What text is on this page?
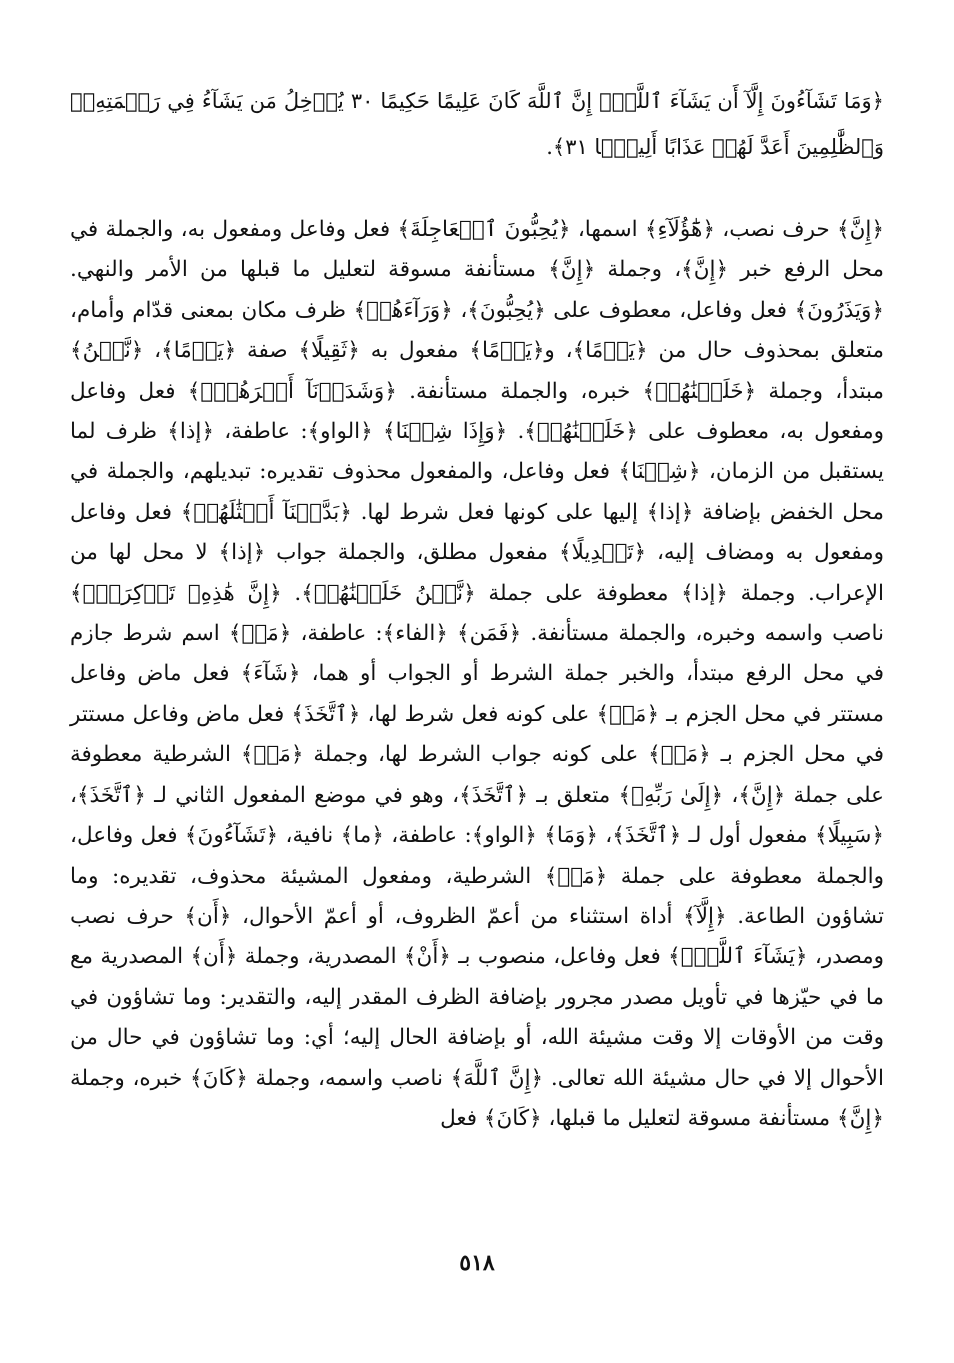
﴿وَمَا تَشَآءُونَ إِلَّآ أَن يَشَآءَ ٱللَّهُۚ إِنَّ ٱللَّهَ كَانَ عَلِيمًا حَكِيمًا ٣٠ يُدۡخِلُ مَن يَشَآءُ فِي رَحۡمَتِهِۦۚ وَٱلظَّٰلِمِينَ أَعَدَّ لَهُمۡ عَذَابًا أَلِيمَۢا ٣١﴾.
﴿إِنَّ﴾ حرف نصب، ﴿هَٰٓؤُلَآءِ﴾ اسمها، ﴿يُحِبُّونَ ٱلۡعَاجِلَةَ﴾ فعل وفاعل ومفعول به، والجملة في محل الرفع خبر ﴿إِنَّ﴾، وجملة ﴿إِنَّ﴾ مستأنفة مسوقة لتعليل ما قبلها من الأمر والنهي. ﴿وَيَذَرُونَ﴾ فعل وفاعل، معطوف على ﴿يُحِبُّونَ﴾، ﴿وَرَآءَهُمۡ﴾ ظرف مكان بمعنى قدّام وأمام، متعلق بمحذوف حال من ﴿يَوۡمًا﴾، و﴿يَوۡمًا﴾ مفعول به ﴿ثَقِيلًا﴾ صفة ﴿يَوۡمًا﴾، ﴿نَّحۡنُ﴾ مبتدأ، وجملة ﴿خَلَقۡنَٰهُمۡ﴾ خبره، والجملة مستأنفة. ﴿وَشَدَدۡنَآ أَسۡرَهُمۡۖ﴾ فعل وفاعل ومفعول به، معطوف على ﴿خَلَقۡنَٰهُمۡ﴾. ﴿وَإِذَا شِئۡنَا﴾ ﴿الواو﴾: عاطفة، ﴿إذا﴾ ظرف لما يستقبل من الزمان، ﴿شِئۡنَا﴾ فعل وفاعل، والمفعول محذوف تقديره: تبديلهم، والجملة في محل الخفض بإضافة ﴿إذا﴾ إليها على كونها فعل شرط لها. ﴿بَدَّلۡنَآ أَمۡثَٰلَهُمۡ﴾ فعل وفاعل ومفعول به ومضاف إليه، ﴿تَبۡدِيلًا﴾ مفعول مطلق، والجملة جواب ﴿إذا﴾ لا محل لها من الإعراب. وجملة ﴿إذا﴾ معطوفة على جملة ﴿نَّحۡنُ خَلَقۡنَٰهُمۡ﴾. ﴿إِنَّ هَٰذِهِۦ تَذۡكِرَةٞۖ﴾ ناصب واسمه وخبره، والجملة مستأنفة. ﴿فَمَن﴾ ﴿الفاء﴾: عاطفة، ﴿مَنۡ﴾ اسم شرط جازم في محل الرفع مبتدأ، والخبر جملة الشرط أو الجواب أو هما، ﴿شَآءَ﴾ فعل ماض وفاعل مستتر في محل الجزم بـ ﴿مَنۡ﴾ على كونه فعل شرط لها، ﴿ٱتَّخَذَ﴾ فعل ماض وفاعل مستتر في محل الجزم بـ ﴿مَنۡ﴾ على كونه جواب الشرط لها، وجملة ﴿مَنۡ﴾ الشرطية معطوفة على جملة ﴿إِنَّ﴾، ﴿إِلَىٰ رَبِّهِۦ﴾ متعلق بـ ﴿ٱتَّخَذَ﴾، وهو في موضع المفعول الثاني لـ ﴿ٱتَّخَذَ﴾، ﴿سَبِيلًا﴾ مفعول أول لـ ﴿ٱتَّخَذَ﴾، ﴿وَمَا﴾ ﴿الواو﴾: عاطفة، ﴿ما﴾ نافية، ﴿تَشَآءُونَ﴾ فعل وفاعل، والجملة معطوفة على جملة ﴿مَنۡ﴾ الشرطية، ومفعول المشيئة محذوف، تقديره: وما تشاؤون الطاعة. ﴿إِلَّآ﴾ أداة استثناء من أعمّ الظروف، أو أعمّ الأحوال، ﴿أَن﴾ حرف نصب ومصدر، ﴿يَشَآءَ ٱللَّهُۚ﴾ فعل وفاعل، منصوب بـ ﴿أَنْ﴾ المصدرية، وجملة ﴿أَن﴾ المصدرية مع ما في حيّزها في تأويل مصدر مجرور بإضافة الظرف المقدر إليه، والتقدير: وما تشاؤون في وقت من الأوقات إلا وقت مشيئة الله، أو بإضافة الحال إليه؛ أي: وما تشاؤون في حال من الأحوال إلا في حال مشيئة الله تعالى. ﴿إِنَّ ٱللَّهَ﴾ ناصب واسمه، وجملة ﴿كَانَ﴾ خبره، وجملة ﴿إِنَّ﴾ مستأنفة مسوقة لتعليل ما قبلها، ﴿كَانَ﴾ فعل
٥١٨
